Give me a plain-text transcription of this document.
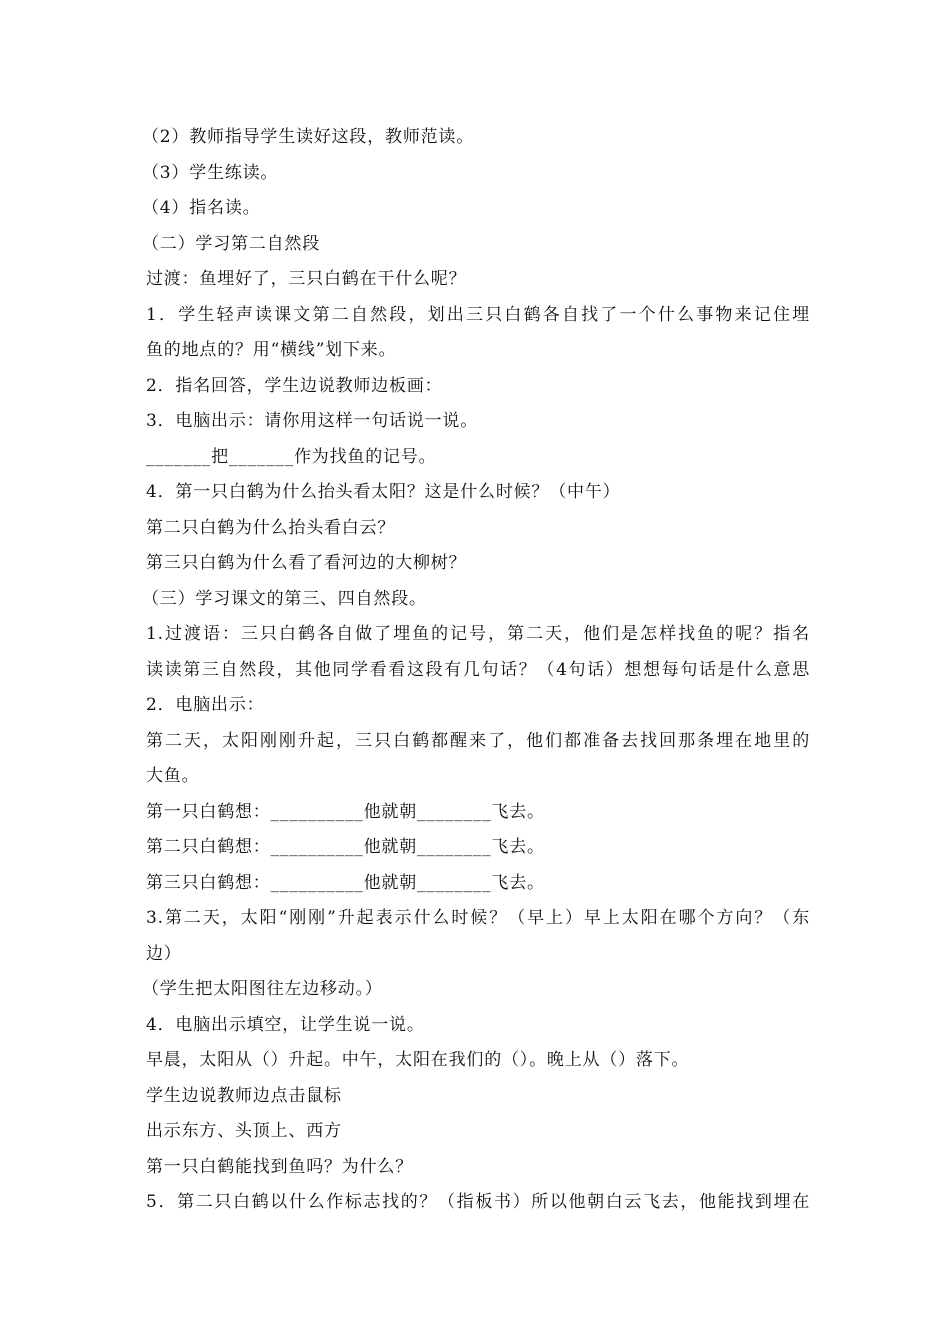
（2）教师指导学生读好这段，教师范读。
（3）学生练读。
（4）指名读。
（二）学习第二自然段
过渡：鱼埋好了，三只白鹤在干什么呢？
1．学生轻声读课文第二自然段，划出三只白鹤各自找了一个什么事物来记住埋
鱼的地点的？用“横线”划下来。
2．指名回答，学生边说教师边板画：
3．电脑出示：请你用这样一句话说一说。
_______把_______作为找鱼的记号。
4．第一只白鹤为什么抬头看太阳？这是什么时候？（中午）
第二只白鹤为什么抬头看白云？
第三只白鹤为什么看了看河边的大柳树？
（三）学习课文的第三、四自然段。
1.过渡语：三只白鹤各自做了埋鱼的记号，第二天，他们是怎样找鱼的呢？指名
读读第三自然段，其他同学看看这段有几句话？（4句话）想想每句话是什么意思
2．电脑出示：
第二天，太阳刚刚升起，三只白鹤都醒来了，他们都准备去找回那条埋在地里的
大鱼。
第一只白鹤想：__________他就朝________飞去。
第二只白鹤想：__________他就朝________飞去。
第三只白鹤想：__________他就朝________飞去。
3.第二天，太阳“刚刚”升起表示什么时候？（早上）早上太阳在哪个方向？（东
边）
（学生把太阳图往左边移动。）
4．电脑出示填空，让学生说一说。
早晨，太阳从（）升起。中午，太阳在我们的（）。晚上从（）落下。
学生边说教师边点击鼠标
出示东方、头顶上、西方
第一只白鹤能找到鱼吗？为什么？
5．第二只白鹤以什么作标志找的？（指板书）所以他朝白云飞去，他能找到埋在
